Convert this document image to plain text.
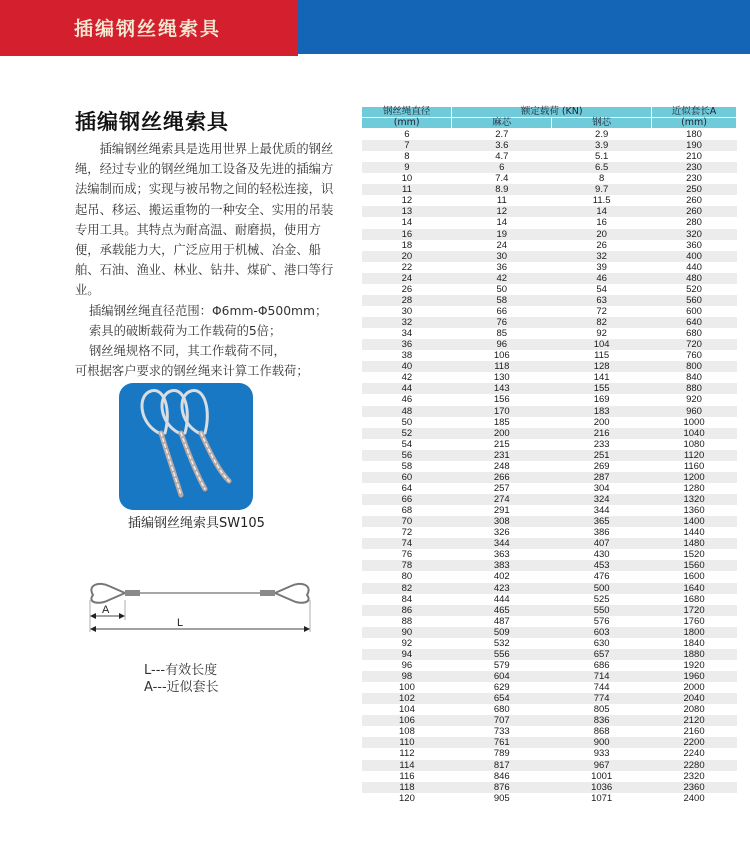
插编钢丝绳索具
插编钢丝绳索具

插编钢丝绳索具是选用世界上最优质的钢丝绳，经过专业的钢丝绳加工设备及先进的插编方法编制而成；实现与被吊物之间的轻松连接，识起吊、移运、搬运重物的一种安全、实用的吊装专用工具。其特点为耐高温、耐磨损，使用方便，承载能力大，广泛应用于机械、冶金、船舶、石油、渔业、林业、钻井、煤矿、港口等行业。

插编钢丝绳直径范围：Φ6mm-Φ500mm；

索具的破断载荷为工作载荷的5倍；

钢丝绳规格不同，其工作载荷不同，

可根据客户要求的钢丝绳来计算工作载荷；

插编钢丝绳索具SW105
A
L
L---有效长度
A---近似套长
钢丝绳直径	额定载荷 (KN)		近似套长A
(mm)	麻芯	钢芯	(mm)
6	2.7	2.9	180
7	3.6	3.9	190
8	4.7	5.1	210
9	6	6.5	230
10	7.4	8	230
11	8.9	9.7	250
12	11	11.5	260
13	12	14	260
14	14	16	280
16	19	20	320
18	24	26	360
20	30	32	400
22	36	39	440
24	42	46	480
26	50	54	520
28	58	63	560
30	66	72	600
32	76	82	640
34	85	92	680
36	96	104	720
38	106	115	760
40	118	128	800
42	130	141	840
44	143	155	880
46	156	169	920
48	170	183	960
50	185	200	1000
52	200	216	1040
54	215	233	1080
56	231	251	1120
58	248	269	1160
60	266	287	1200
64	257	304	1280
66	274	324	1320
68	291	344	1360
70	308	365	1400
72	326	386	1440
74	344	407	1480
76	363	430	1520
78	383	453	1560
80	402	476	1600
82	423	500	1640
84	444	525	1680
86	465	550	1720
88	487	576	1760
90	509	603	1800
92	532	630	1840
94	556	657	1880
96	579	686	1920
98	604	714	1960
100	629	744	2000
102	654	774	2040
104	680	805	2080
106	707	836	2120
108	733	868	2160
110	761	900	2200
112	789	933	2240
114	817	967	2280
116	846	1001	2320
118	876	1036	2360
120	905	1071	2400
